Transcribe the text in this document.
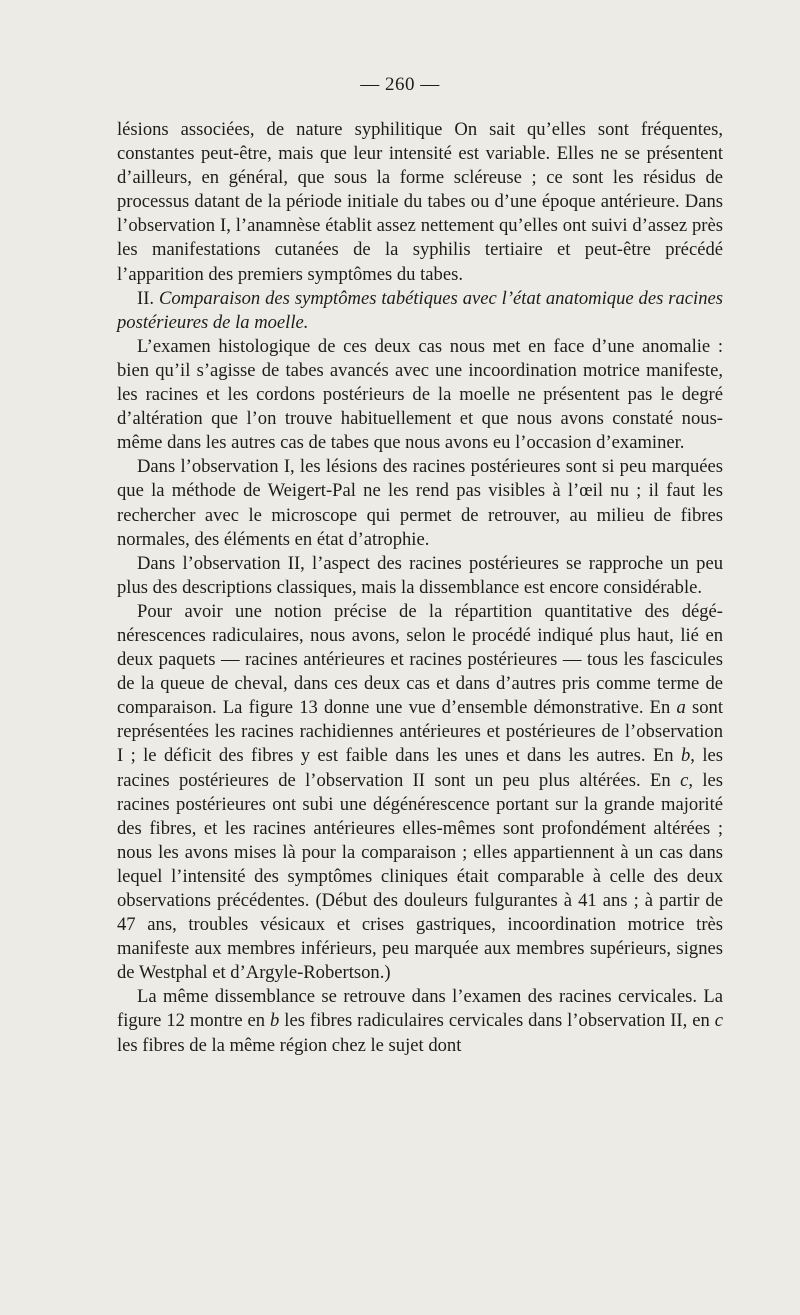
— 260 —

lésions associées, de nature syphilitique On sait qu’elles sont fréquentes, constantes peut-être, mais que leur intensité est variable. Elles ne se présentent d’ailleurs, en général, que sous la forme scléreuse ; ce sont les résidus de processus datant de la période initiale du tabes ou d’une époque antérieure. Dans l’observation I, l’anamnèse établit assez nettement qu’elles ont suivi d’assez près les manifestations cutanées de la syphilis tertiaire et peut-être précédé l’apparition des premiers symptômes du tabes.

II. Comparaison des symptômes tabétiques avec l’état anatomique des racines postérieures de la moelle.

L’examen histologique de ces deux cas nous met en face d’une anomalie : bien qu’il s’agisse de tabes avancés avec une incoordination motrice manifeste, les racines et les cordons postérieurs de la moelle ne présentent pas le degré d’altération que l’on trouve habituellement et que nous avons constaté nous-même dans les autres cas de tabes que nous avons eu l’occasion d’examiner.

Dans l’observation I, les lésions des racines postérieures sont si peu marquées que la méthode de Weigert-Pal ne les rend pas visibles à l’œil nu ; il faut les rechercher avec le microscope qui permet de retrouver, au milieu de fibres normales, des éléments en état d’atrophie.

Dans l’observation II, l’aspect des racines postérieures se rapproche un peu plus des descriptions classiques, mais la dissemblance est encore considérable.

Pour avoir une notion précise de la répartition quantitative des dégénérescences radiculaires, nous avons, selon le procédé indiqué plus haut, lié en deux paquets — racines antérieures et racines postérieures — tous les fascicules de la queue de cheval, dans ces deux cas et dans d’autres pris comme terme de comparaison. La figure 13 donne une vue d’ensemble démonstrative. En a sont représentées les racines rachidiennes antérieures et postérieures de l’observation I ; le déficit des fibres y est faible dans les unes et dans les autres. En b, les racines postérieures de l’observation II sont un peu plus altérées. En c, les racines postérieures ont subi une dégénérescence portant sur la grande majorité des fibres, et les racines antérieures elles-mêmes sont profondément altérées ; nous les avons mises là pour la comparaison ; elles appartiennent à un cas dans lequel l’intensité des symptômes cliniques était comparable à celle des deux observations précédentes. (Début des douleurs fulgurantes à 41 ans ; à partir de 47 ans, troubles vésicaux et crises gastriques, incoordination motrice très manifeste aux membres inférieurs, peu marquée aux membres supérieurs, signes de Westphal et d’Argyle-Robertson.)

La même dissemblance se retrouve dans l’examen des racines cervicales. La figure 12 montre en b les fibres radiculaires cervicales dans l’observation II, en c les fibres de la même région chez le sujet dont
